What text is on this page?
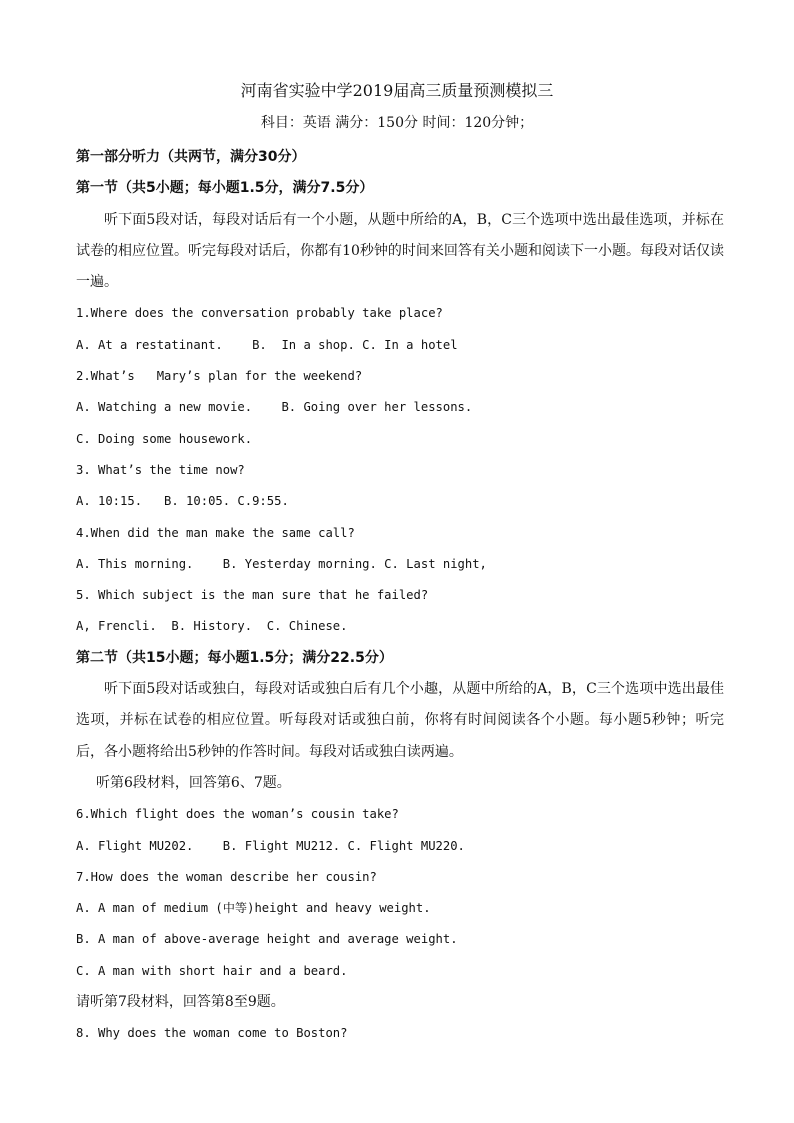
河南省实验中学2019届高三质量预测模拟三
科目：英语 满分：150分 时间：120分钟；
第一部分听力（共两节，满分30分）
第一节（共5小题；每小题1.5分，满分7.5分）
听下面5段对话，每段对话后有一个小题，从题中所给的A，B，C三个选项中选出最佳选项，并标在试卷的相应位置。听完每段对话后，你都有10秒钟的时间来回答有关小题和阅读下一小题。每段对话仅读一遍。
1.Where does the conversation probably take place?
A. At a restatinant.    B.  In a shop. C. In a hotel
2.What’s   Mary’s plan for the weekend?
A. Watching a new movie.    B. Going over her lessons.
C. Doing some housework.
3. What’s the time now?
A. 10:15.   B. 10:05. C.9:55.
4.When did the man make the same call?
A. This morning.    B. Yesterday morning. C. Last night,
5. Which subject is the man sure that he failed?
A, Frencli.  B. History.  C. Chinese.
第二节（共15小题；每小题1.5分；满分22.5分）
听下面5段对话或独白，每段对话或独白后有几个小趣，从题中所给的A，B，C三个选项中选出最佳选项，并标在试卷的相应位置。听每段对话或独白前，你将有时间阅读各个小题。每小题5秒钟；听完后，各小题将给出5秒钟的作答时间。每段对话或独白读两遍。
听第6段材料，回答第6、7题。
6.Which flight does the woman’s cousin take?
A. Flight MU202.    B. Flight MU212. C. Flight MU220.
7.How does the woman describe her cousin?
A. A man of medium (中等)height and heavy weight.
B. A man of above-average height and average weight.
C. A man with short hair and a beard.
请听第7段材料，回答第8至9题。
8. Why does the woman come to Boston?
